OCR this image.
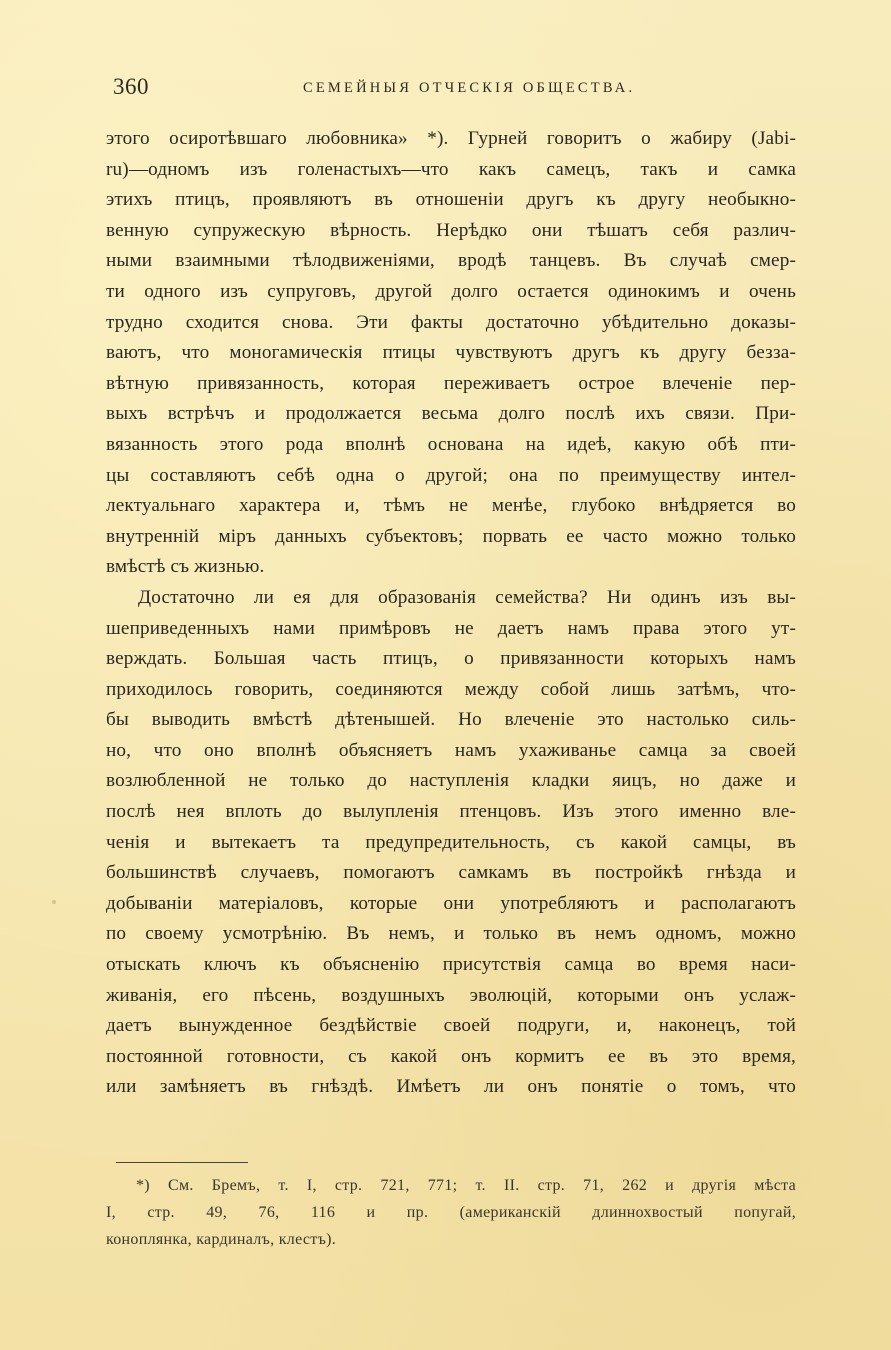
360	СЕМЕЙНЫЯ ОТЧЕСКІЯ ОБЩЕСТВА.
этого осиротѣвшаго любовника» *). Гурней говоритъ о жабиру (Jabi-
ru)—одномъ изъ голенастыхъ—что какъ самецъ, такъ и самка
этихъ птицъ, проявляютъ въ отношеніи другъ къ другу необыкно-
венную супружескую вѣрность. Нерѣдко они тѣшатъ себя различ-
ными взаимными тѣлодвиженіями, вродѣ танцевъ. Въ случаѣ смер-
ти одного изъ супруговъ, другой долго остается одинокимъ и очень
трудно сходится снова. Эти факты достаточно убѣдительно доказы-
ваютъ, что моногамическія птицы чувствуютъ другъ къ другу безза-
вѣтную привязанность, которая переживаетъ острое влеченіе пер-
выхъ встрѣчъ и продолжается весьма долго послѣ ихъ связи. При-
вязанность этого рода вполнѣ основана на идеѣ, какую обѣ пти-
цы составляютъ себѣ одна о другой; она по преимуществу интел-
лектуальнаго характера и, тѣмъ не менѣе, глубоко внѣдряется во
внутренній міръ данныхъ субъектовъ; порвать ее часто можно только
вмѣстѣ съ жизнью.
Достаточно ли ея для образованія семейства? Ни одинъ изъ вы-
шеприведенныхъ нами примѣровъ не даетъ намъ права этого ут-
верждать. Большая часть птицъ, о привязанности которыхъ намъ
приходилось говорить, соединяются между собой лишь затѣмъ, что-
бы выводить вмѣстѣ дѣтенышей. Но влеченіе это настолько силь-
но, что оно вполнѣ объясняетъ намъ ухаживанье самца за своей
возлюбленной не только до наступленія кладки яицъ, но даже и
послѣ нея вплоть до вылупленія птенцовъ. Изъ этого именно вле-
ченія и вытекаетъ та предупредительность, съ какой самцы, въ
большинствѣ случаевъ, помогаютъ самкамъ въ постройкѣ гнѣзда и
добываніи матеріаловъ, которые они употребляютъ и располагаютъ
по своему усмотрѣнію. Въ немъ, и только въ немъ одномъ, можно
отыскать ключъ къ объясненію присутствія самца во время наси-
живанія, его пѣсень, воздушныхъ эволюцій, которыми онъ услаж-
даетъ вынужденное бездѣйствіе своей подруги, и, наконецъ, той
постоянной готовности, съ какой онъ кормитъ ее въ это время,
или замѣняетъ въ гнѣздѣ. Имѣетъ ли онъ понятіе о томъ, что
*) См. Бремъ, т. I, стр. 721, 771; т. II. стр. 71, 262 и другія мѣста
I, стр. 49, 76, 116 и пр. (американскій длиннохвостый попугай,
коноплянка, кардиналъ, клестъ).
